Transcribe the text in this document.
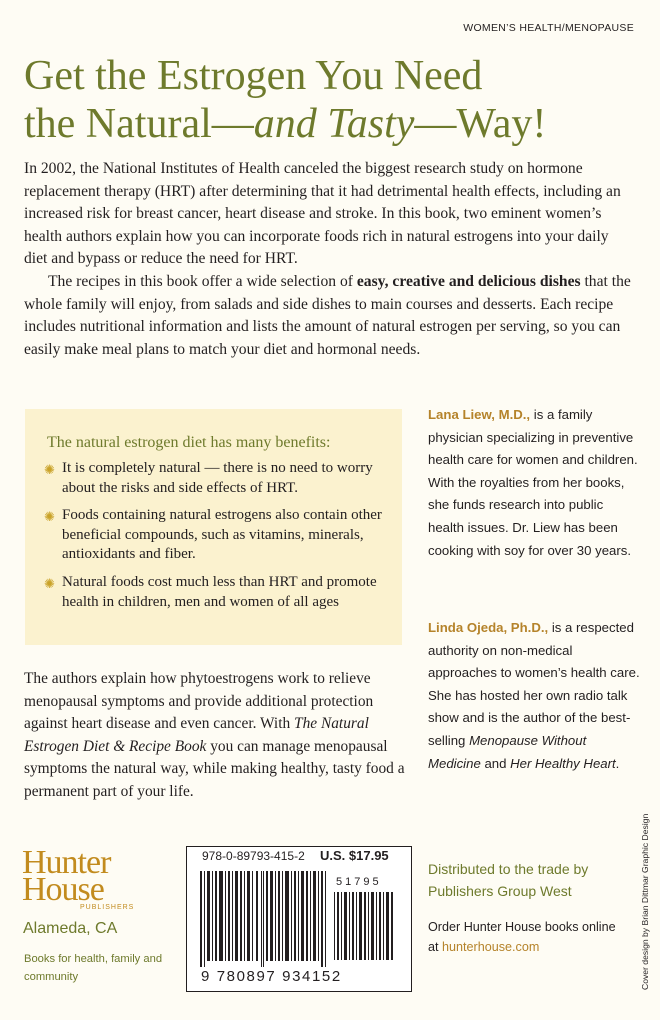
WOMEN’S HEALTH/MENOPAUSE
Get the Estrogen You Need
the Natural—and Tasty—Way!

In 2002, the National Institutes of Health canceled the biggest research study on hormone replacement therapy (HRT) after determining that it had detrimental health effects, including an increased risk for breast cancer, heart disease and stroke. In this book, two eminent women’s health authors explain how you can incorporate foods rich in natural estrogens into your daily diet and bypass or reduce the need for HRT.

The recipes in this book offer a wide selection of easy, creative and delicious dishes that the whole family will enjoy, from salads and side dishes to main courses and desserts. Each recipe includes nutritional information and lists the amount of natural estrogen per serving, so you can easily make meal plans to match your diet and hormonal needs.

The natural estrogen diet has many benefits:
✺ It is completely natural — there is no need to worry about the risks and side effects of HRT.
✺ Foods containing natural estrogens also contain other beneficial compounds, such as vitamins, minerals, antioxidants and fiber.
✺ Natural foods cost much less than HRT and promote health in children, men and women of all ages

Lana Liew, M.D., is a family physician specializing in preventive health care for women and children. With the royalties from her books, she funds research into public health issues. Dr. Liew has been cooking with soy for over 30 years.

Linda Ojeda, Ph.D., is a respected authority on non-medical approaches to women’s health care. She has hosted her own radio talk show and is the author of the best-selling Menopause Without Medicine and Her Healthy Heart.

The authors explain how phytoestrogens work to relieve menopausal symptoms and provide additional protection against heart disease and even cancer. With The Natural Estrogen Diet & Recipe Book you can manage menopausal symptoms the natural way, while making healthy, tasty food a permanent part of your life.

Hunter
House
PUBLISHERS
Alameda, CA
Books for health, family and community
978-0-89793-415-2 U.S. $17.95
51795
9 780897 934152
Distributed to the trade by Publishers Group West
Order Hunter House books online at hunterhouse.com	Cover design by Brian Dittmar Graphic Design
